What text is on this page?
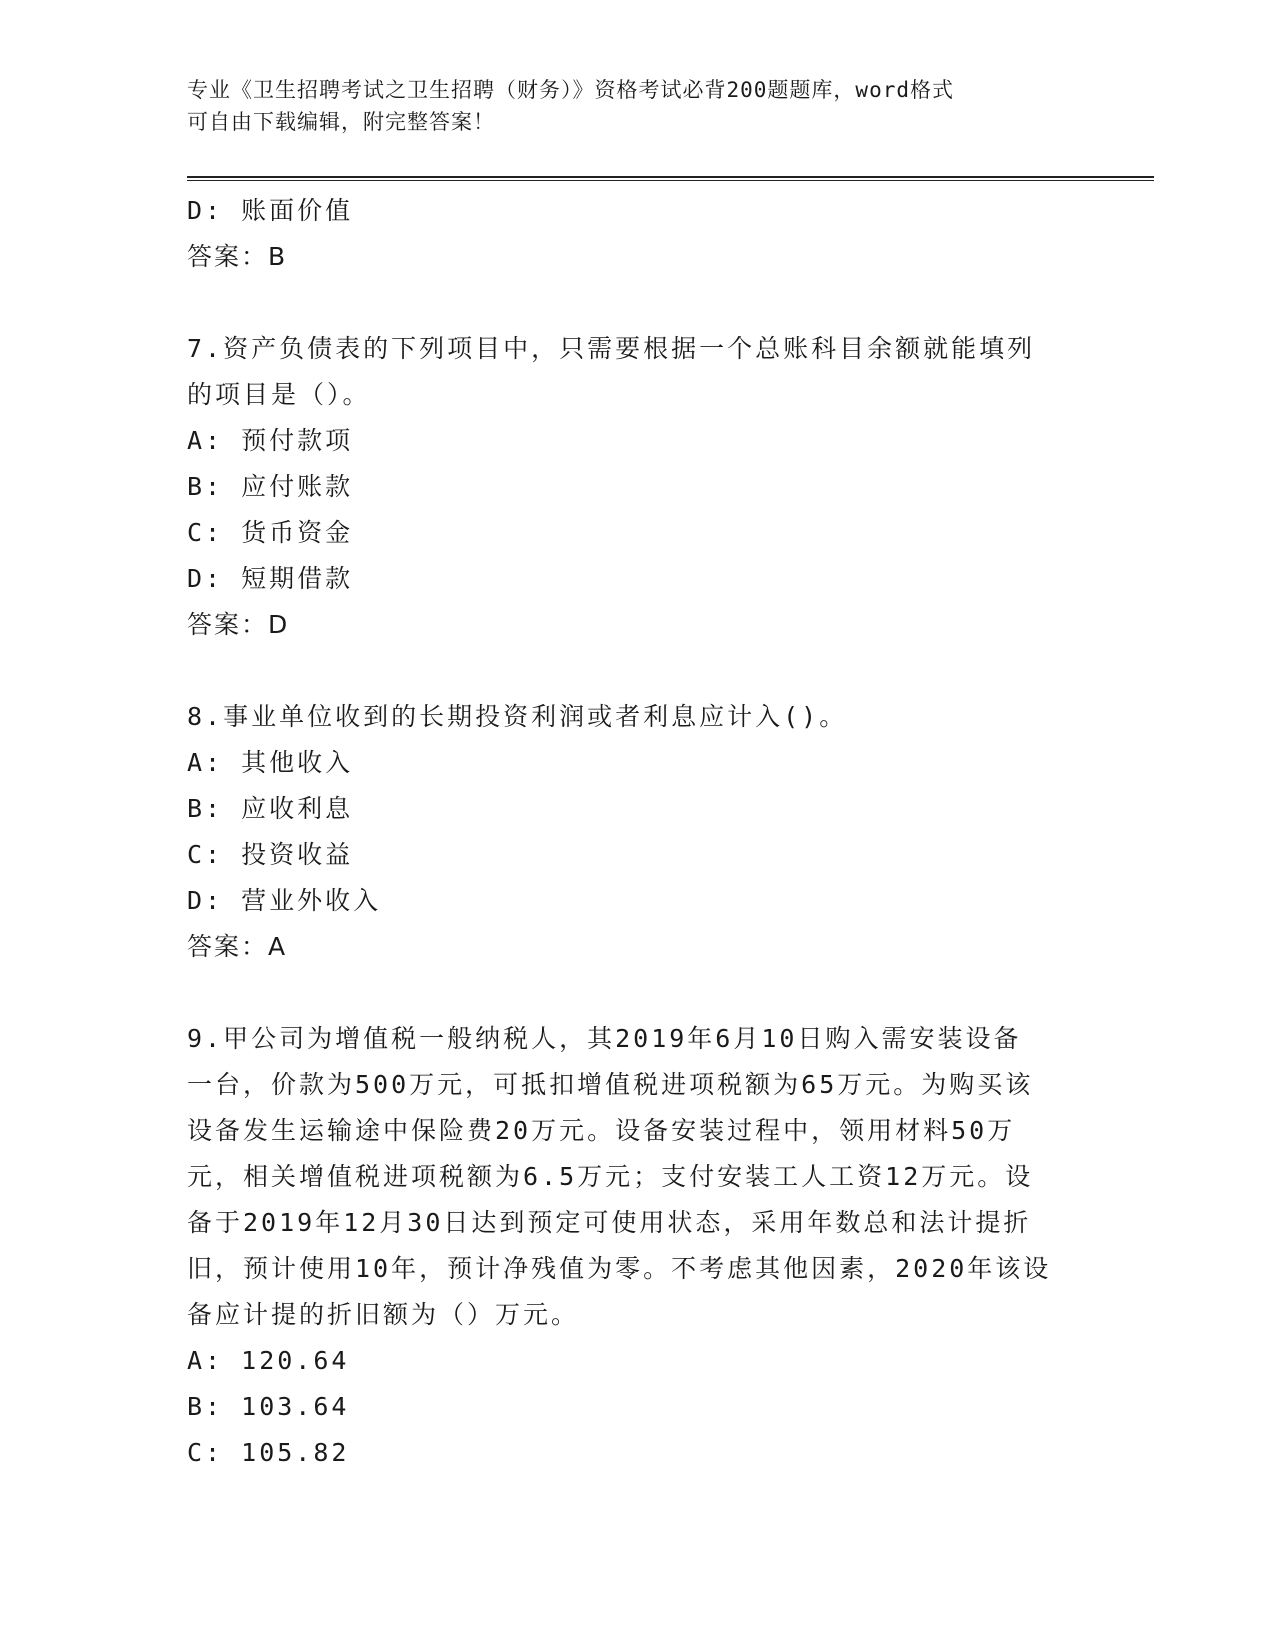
专业《卫生招聘考试之卫生招聘（财务）》资格考试必背200题题库，word格式
可自由下载编辑，附完整答案！
D: 账面价值
答案：B
7.资产负债表的下列项目中，只需要根据一个总账科目余额就能填列
的项目是（）。
A: 预付款项
B: 应付账款
C: 货币资金
D: 短期借款
答案：D
8.事业单位收到的长期投资利润或者利息应计入()。
A: 其他收入
B: 应收利息
C: 投资收益
D: 营业外收入
答案：A
9.甲公司为增值税一般纳税人，其2019年6月10日购入需安装设备
一台，价款为500万元，可抵扣增值税进项税额为65万元。为购买该
设备发生运输途中保险费20万元。设备安装过程中，领用材料50万
元，相关增值税进项税额为6.5万元；支付安装工人工资12万元。设
备于2019年12月30日达到预定可使用状态，采用年数总和法计提折
旧，预计使用10年，预计净残值为零。不考虑其他因素，2020年该设
备应计提的折旧额为（）万元。
A: 120.64
B: 103.64
C: 105.82
